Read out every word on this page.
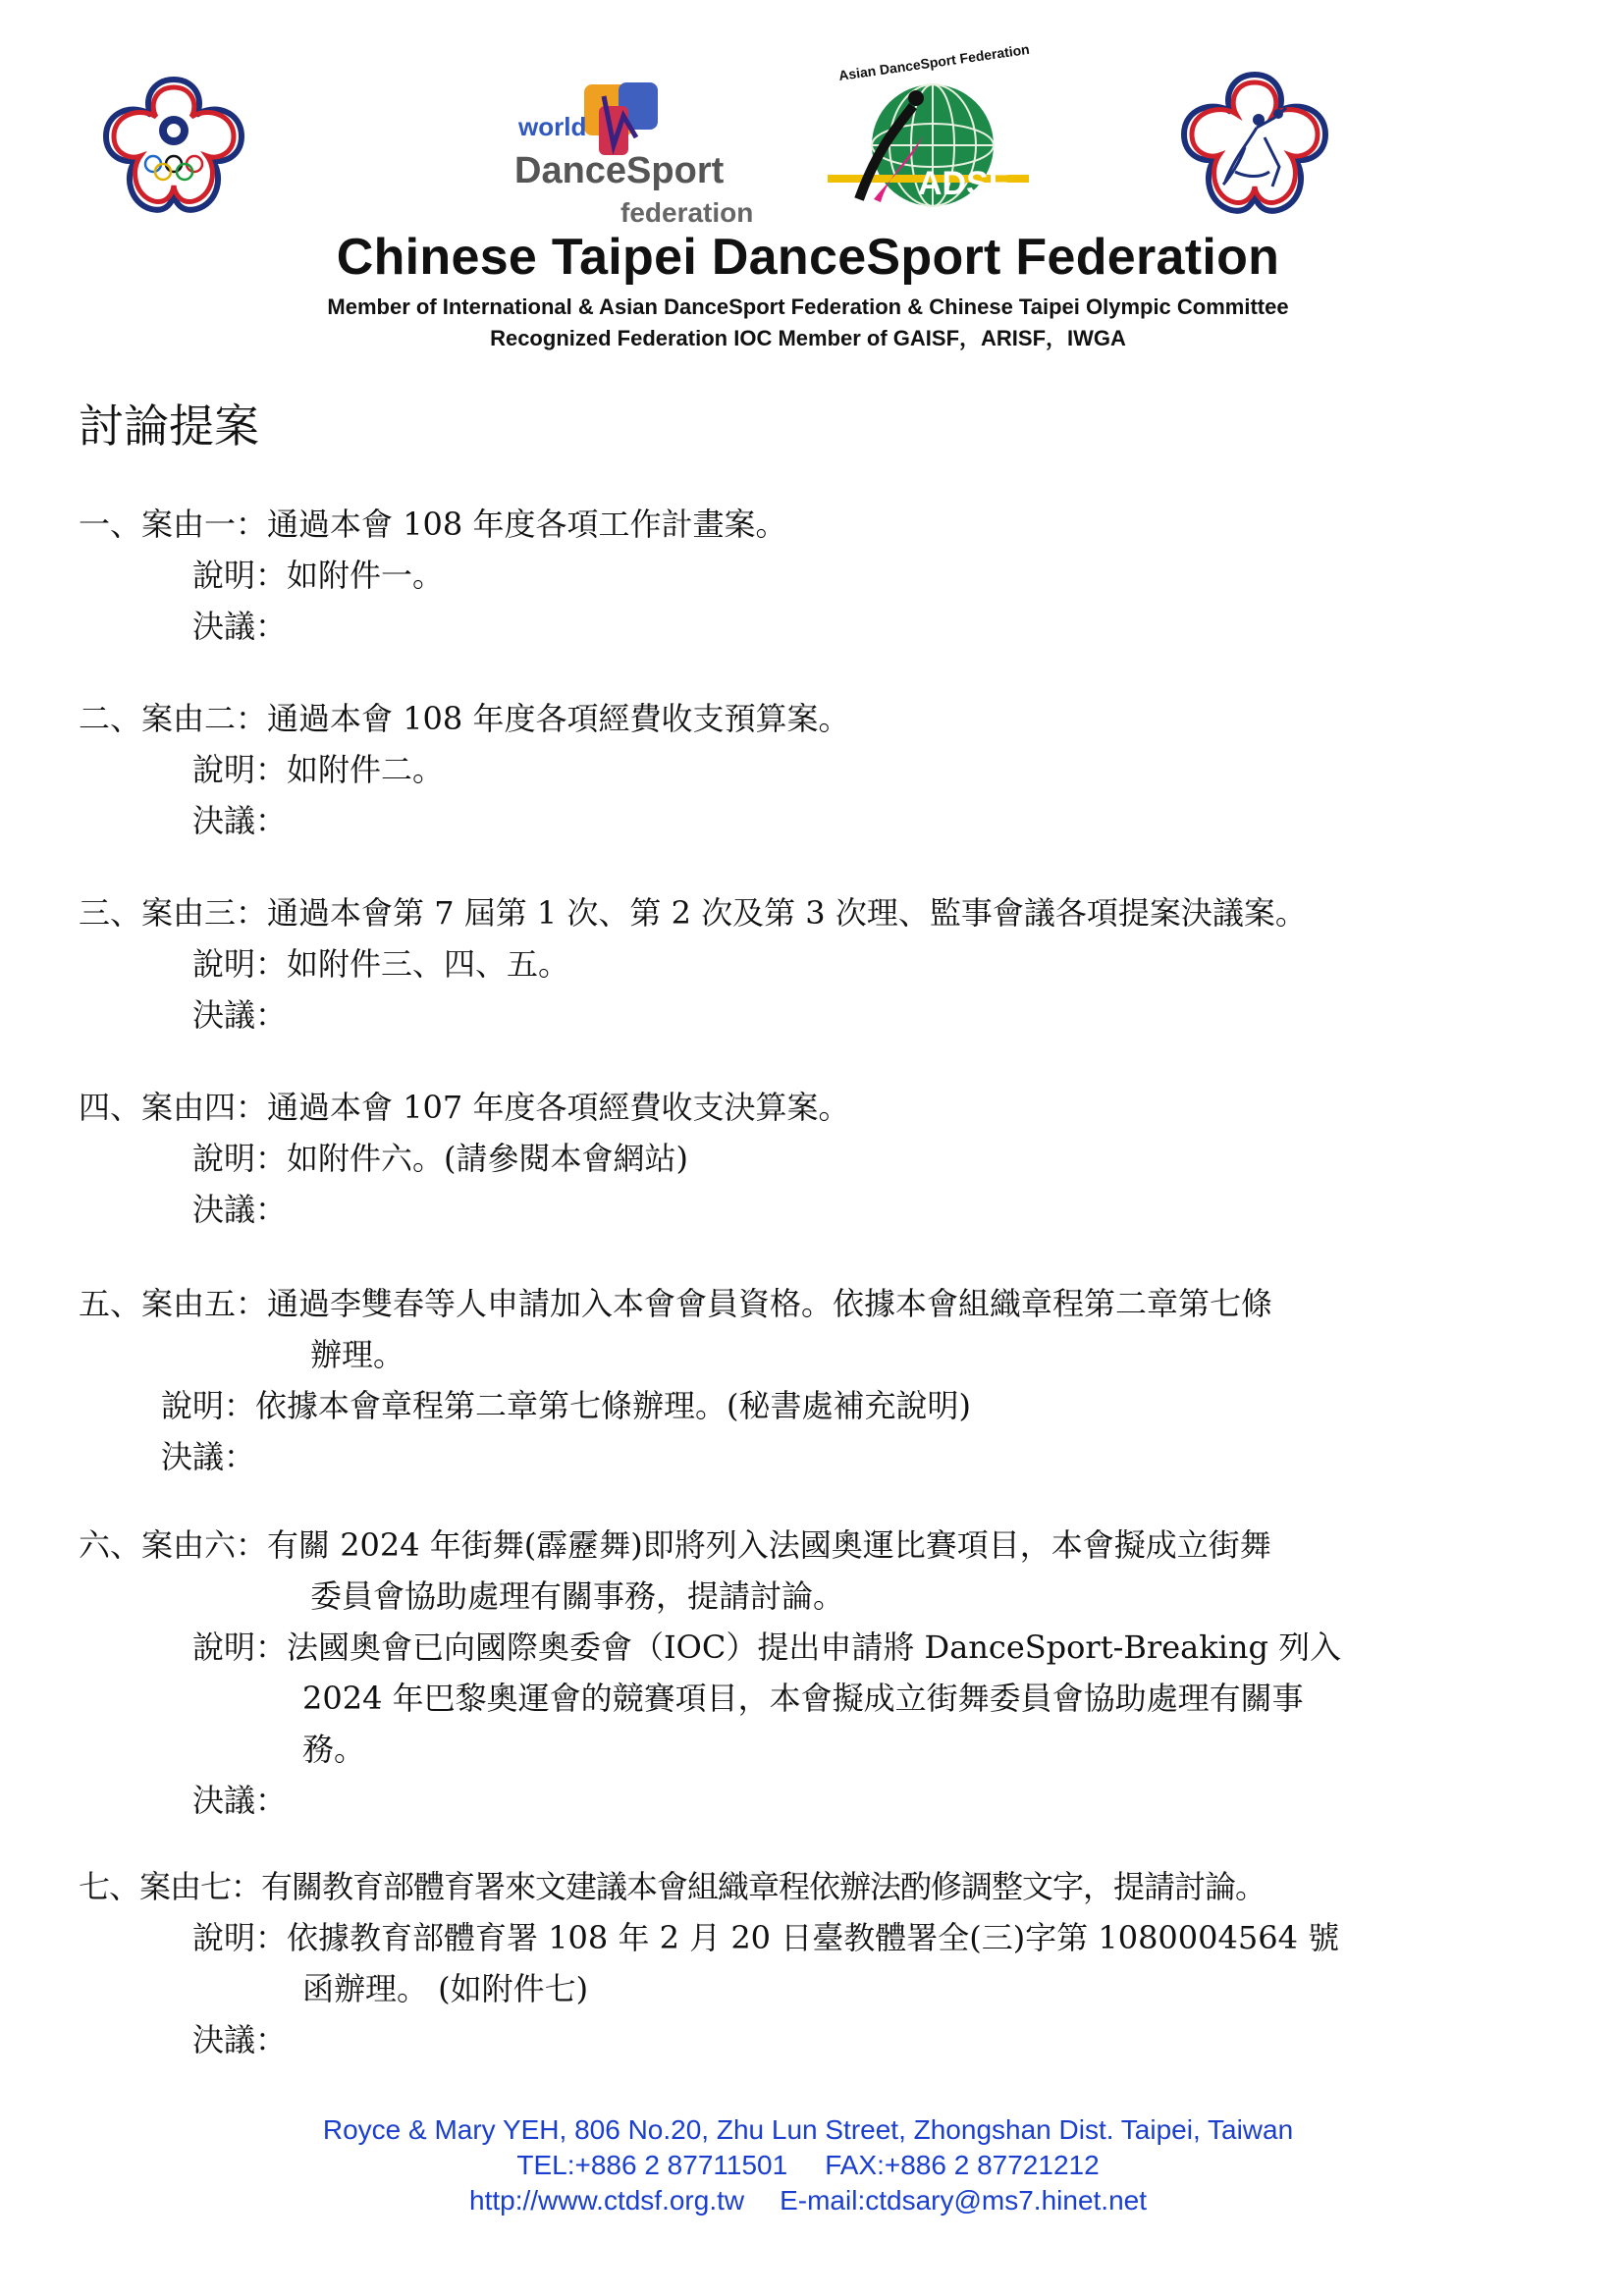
world
DanceSport
federation
ADSF
Asian DanceSport Federation
Chinese Taipei DanceSport Federation
Member of International & Asian DanceSport Federation & Chinese Taipei Olympic Committee
Recognized Federation IOC Member of GAISF，ARISF，IWGA
討論提案
一、案由一：通過本會 108 年度各項工作計畫案。
說明：如附件一。
決議：
二、案由二：通過本會 108 年度各項經費收支預算案。
說明：如附件二。
決議：
三、案由三：通過本會第 7 屆第 1 次、第 2 次及第 3 次理、監事會議各項提案決議案。
說明：如附件三、四、五。
決議：
四、案由四：通過本會 107 年度各項經費收支決算案。
說明：如附件六。(請參閱本會網站)
決議：
五、案由五：通過李雙春等人申請加入本會會員資格。依據本會組織章程第二章第七條
辦理。
說明：依據本會章程第二章第七條辦理。(秘書處補充說明)
決議：
六、案由六：有關 2024 年街舞(霹靂舞)即將列入法國奧運比賽項目，本會擬成立街舞
委員會協助處理有關事務，提請討論。
說明：法國奧會已向國際奧委會（IOC）提出申請將 DanceSport-Breaking 列入
2024 年巴黎奧運會的競賽項目，本會擬成立街舞委員會協助處理有關事
務。
決議：
七、案由七：有關教育部體育署來文建議本會組織章程依辦法酌修調整文字，提請討論。
說明：依據教育部體育署 108 年 2 月 20 日臺教體署全(三)字第 1080004564 號
函辦理。 (如附件七)
決議：
Royce & Mary YEH, 806 No.20, Zhu Lun Street, Zhongshan Dist. Taipei, Taiwan
TEL:+886 2 87711501 FAX:+886 2 87721212
http://www.ctdsf.org.tw E-mail:ctdsary@ms7.hinet.net
